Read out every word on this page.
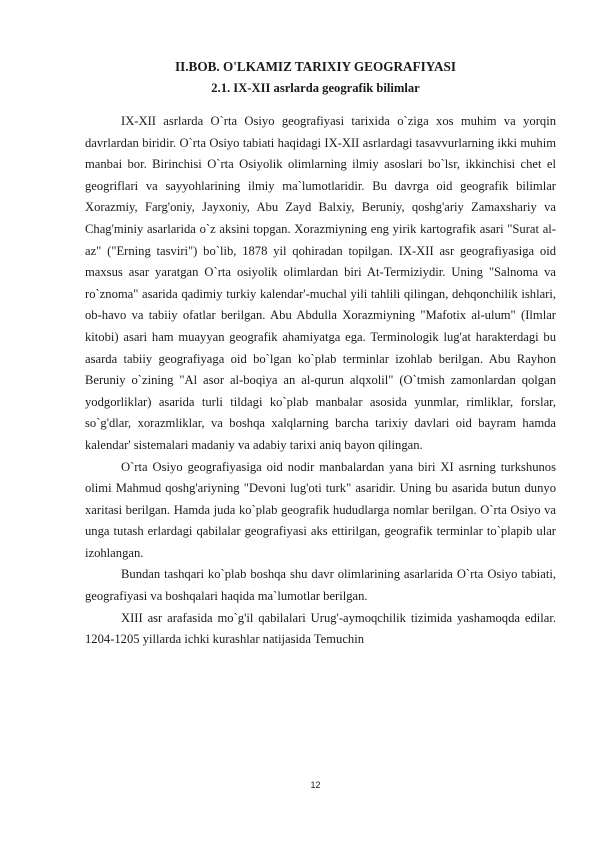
II.BOB. O'LKAMIZ TARIXIY GEOGRAFIYASI
2.1. IX-XII asrlarda geografik bilimlar

IX-XII asrlarda O`rta Osiyo geografiyasi tarixida o`ziga xos muhim va yorqin davrlardan biridir. O`rta Osiyo tabiati haqidagi IX-XII asrlardagi tasavvurlarning ikki muhim manbai bor. Birinchisi O`rta Osiyolik olimlarning ilmiy asoslari bo`lsr, ikkinchisi chet el geogriflari va sayyohlarining ilmiy ma`lumotlaridir. Bu davrga oid geografik bilimlar Xorazmiy, Farg'oniy, Jayxoniy, Abu Zayd Balxiy, Beruniy, qoshg'ariy Zamaxshariy va Chag'miniy asarlarida o`z aksini topgan. Xorazmiyning eng yirik kartografik asari "Surat al-az" ("Erning tasviri") bo`lib, 1878 yil qohiradan topilgan. IX-XII asr geografiyasiga oid maxsus asar yaratgan O`rta osiyolik olimlardan biri At-Termiziydir. Uning "Salnoma va ro`znoma" asarida qadimiy turkiy kalendar'-muchal yili tahlili qilingan, dehqonchilik ishlari, ob-havo va tabiiy ofatlar berilgan. Abu Abdulla Xorazmiyning "Mafotix al-ulum" (Ilmlar kitobi) asari ham muayyan geografik ahamiyatga ega. Terminologik lug'at harakterdagi bu asarda tabiiy geografiyaga oid bo`lgan ko`plab terminlar izohlab berilgan. Abu Rayhon Beruniy o`zining "Al asor al-boqiya an al-qurun alqxolil" (O`tmish zamonlardan qolgan yodgorliklar) asarida turli tildagi ko`plab manbalar asosida yunmlar, rimliklar, forslar, so`g'dlar, xorazmliklar, va boshqa xalqlarning barcha tarixiy davlari oid bayram hamda kalendar' sistemalari madaniy va adabiy tarixi aniq bayon qilingan.

O`rta Osiyo geografiyasiga oid nodir manbalardan yana biri XI asrning turkshunos olimi Mahmud qoshg'ariyning "Devoni lug'oti turk" asaridir. Uning bu asarida butun dunyo xaritasi berilgan. Hamda juda ko`plab geografik hududlarga nomlar berilgan. O`rta Osiyo va unga tutash erlardagi qabilalar geografiyasi aks ettirilgan, geografik terminlar to`plapib ular izohlangan.

Bundan tashqari ko`plab boshqa shu davr olimlarining asarlarida O`rta Osiyo tabiati, geografiyasi va boshqalari haqida ma`lumotlar berilgan.

XIII asr arafasida mo`g'il qabilalari Urug'-aymoqchilik tizimida yashamoqda edilar. 1204-1205 yillarda ichki kurashlar natijasida Temuchin

12
